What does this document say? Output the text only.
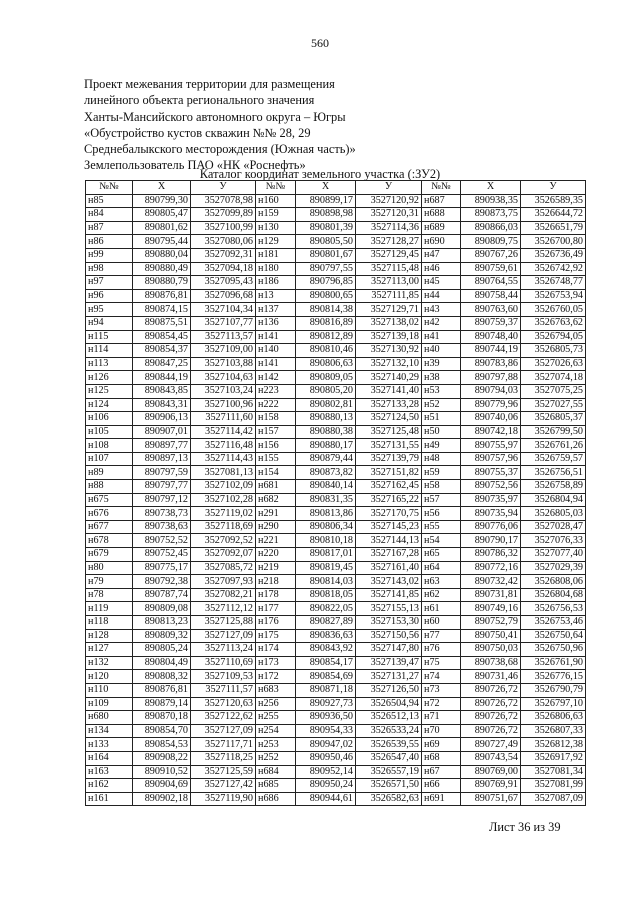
560
Проект межевания территории для размещения
линейного объекта регионального значения
Ханты-Мансийского автономного округа – Югры
«Обустройство кустов скважин №№ 28, 29
Среднебалыкского месторождения (Южная часть)»
Землепользователь ПАО «НК «Роснефть»
Каталог координат земельного участка (:ЗУ2)
№№	X	У	№№	X	У	№№	X	У
н85	890799,30	3527078,98	н160	890899,17	3527120,92	н687	890938,35	3526589,35
н84	890805,47	3527099,89	н159	890898,98	3527120,31	н688	890873,75	3526644,72
н87	890801,62	3527100,99	н130	890801,39	3527114,36	н689	890866,03	3526651,79
н86	890795,44	3527080,06	н129	890805,50	3527128,27	н690	890809,75	3526700,80
н99	890880,04	3527092,31	н181	890801,67	3527129,45	н47	890767,26	3526736,49
н98	890880,49	3527094,18	н180	890797,55	3527115,48	н46	890759,61	3526742,92
н97	890880,79	3527095,43	н186	890796,85	3527113,00	н45	890764,55	3526748,77
н96	890876,81	3527096,68	н13	890800,65	3527111,85	н44	890758,44	3526753,94
н95	890874,15	3527104,34	н137	890814,38	3527129,71	н43	890763,60	3526760,05
н94	890875,51	3527107,77	н136	890816,89	3527138,02	н42	890759,37	3526763,62
н115	890854,45	3527113,57	н141	890812,89	3527139,18	н41	890748,40	3526794,05
н114	890854,37	3527109,00	н140	890810,46	3527130,92	н40	890744,19	3526805,73
н113	890847,25	3527103,88	н141	890806,63	3527132,10	н39	890783,86	3527026,63
н126	890844,19	3527104,63	н142	890809,05	3527140,29	н38	890797,88	3527074,18
н125	890843,85	3527103,24	н223	890805,20	3527141,40	н53	890794,03	3527075,25
н124	890843,31	3527100,96	н222	890802,81	3527133,28	н52	890779,96	3527027,55
н106	890906,13	3527111,60	н158	890880,13	3527124,50	н51	890740,06	3526805,37
н105	890907,01	3527114,42	н157	890880,38	3527125,48	н50	890742,18	3526799,50
н108	890897,77	3527116,48	н156	890880,17	3527131,55	н49	890755,97	3526761,26
н107	890897,13	3527114,43	н155	890879,44	3527139,79	н48	890757,96	3526759,57
н89	890797,59	3527081,13	н154	890873,82	3527151,82	н59	890755,37	3526756,51
н88	890797,77	3527102,09	н681	890840,14	3527162,45	н58	890752,56	3526758,89
н675	890797,12	3527102,28	н682	890831,35	3527165,22	н57	890735,97	3526804,94
н676	890738,73	3527119,02	н291	890813,86	3527170,75	н56	890735,94	3526805,03
н677	890738,63	3527118,69	н290	890806,34	3527145,23	н55	890776,06	3527028,47
н678	890752,52	3527092,52	н221	890810,18	3527144,13	н54	890790,17	3527076,33
н679	890752,45	3527092,07	н220	890817,01	3527167,28	н65	890786,32	3527077,40
н80	890775,17	3527085,72	н219	890819,45	3527161,40	н64	890772,16	3527029,39
н79	890792,38	3527097,93	н218	890814,03	3527143,02	н63	890732,42	3526808,06
н78	890787,74	3527082,21	н178	890818,05	3527141,85	н62	890731,81	3526804,68
н119	890809,08	3527112,12	н177	890822,05	3527155,13	н61	890749,16	3526756,53
н118	890813,23	3527125,88	н176	890827,89	3527153,30	н60	890752,79	3526753,46
н128	890809,32	3527127,09	н175	890836,63	3527150,56	н77	890750,41	3526750,64
н127	890805,24	3527113,24	н174	890843,92	3527147,80	н76	890750,03	3526750,96
н132	890804,49	3527110,69	н173	890854,17	3527139,47	н75	890738,68	3526761,90
н120	890808,32	3527109,53	н172	890854,69	3527131,27	н74	890731,46	3526776,15
н110	890876,81	3527111,57	н683	890871,18	3527126,50	н73	890726,72	3526790,79
н109	890879,14	3527120,63	н256	890927,73	3526504,94	н72	890726,72	3526797,10
н680	890870,18	3527122,62	н255	890936,50	3526512,13	н71	890726,72	3526806,63
н134	890854,70	3527127,09	н254	890954,33	3526533,24	н70	890726,72	3526807,33
н133	890854,53	3527117,71	н253	890947,02	3526539,55	н69	890727,49	3526812,38
н164	890908,22	3527118,25	н252	890950,46	3526547,40	н68	890743,54	3526917,92
н163	890910,52	3527125,59	н684	890952,14	3526557,19	н67	890769,00	3527081,34
н162	890904,69	3527127,42	н685	890950,24	3526571,50	н66	890769,91	3527081,99
н161	890902,18	3527119,90	н686	890944,61	3526582,63	н691	890751,67	3527087,09
Лист 36 из 39
